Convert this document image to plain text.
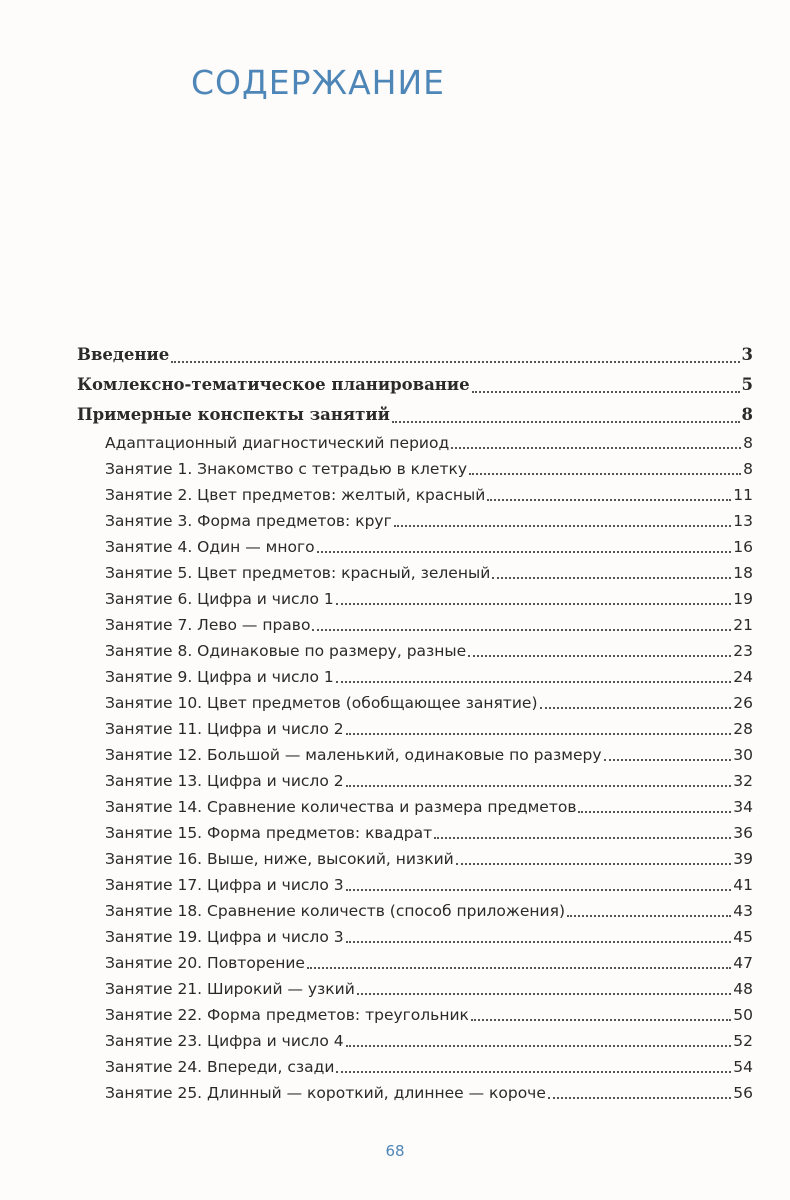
СОДЕРЖАНИЕ
Введение	3
Комлексно-тематическое планирование	5
Примерные конспекты занятий	8
Адаптационный диагностический период	8
Занятие 1. Знакомство с тетрадью в клетку	8
Занятие 2. Цвет предметов: желтый, красный	11
Занятие 3. Форма предметов: круг	13
Занятие 4. Один — много	16
Занятие 5. Цвет предметов: красный, зеленый	18
Занятие 6. Цифра и число 1	19
Занятие 7. Лево — право	21
Занятие 8. Одинаковые по размеру, разные	23
Занятие 9. Цифра и число 1	24
Занятие 10. Цвет предметов (обобщающее занятие)	26
Занятие 11. Цифра и число 2	28
Занятие 12. Большой — маленький, одинаковые по размеру	30
Занятие 13. Цифра и число 2	32
Занятие 14. Сравнение количества и размера предметов	34
Занятие 15. Форма предметов: квадрат	36
Занятие 16. Выше, ниже, высокий, низкий	39
Занятие 17. Цифра и число 3	41
Занятие 18. Сравнение количеств (способ приложения)	43
Занятие 19. Цифра и число 3	45
Занятие 20. Повторение	47
Занятие 21. Широкий — узкий	48
Занятие 22. Форма предметов: треугольник	50
Занятие 23. Цифра и число 4	52
Занятие 24. Впереди, сзади	54
Занятие 25. Длинный — короткий, длиннее — короче	56
68
